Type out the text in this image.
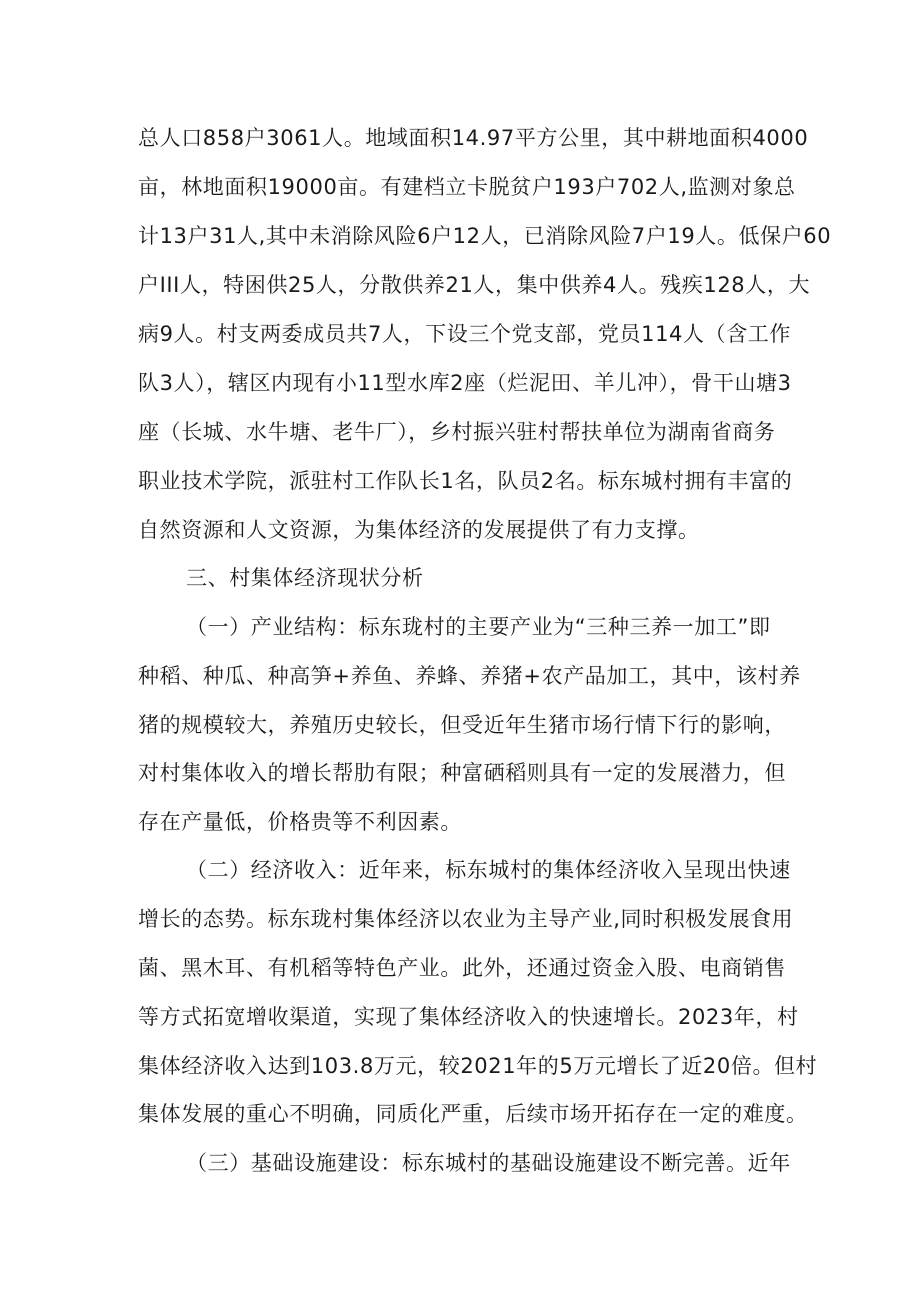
总人口858户3061人。地域面积14.97平方公里，其中耕地面积4000
亩，林地面积19000亩。有建档立卡脱贫户193户702人,监测对象总
计13户31人,其中未消除风险6户12人，已消除风险7户19人。低保户60
户III人，特困供25人，分散供养21人，集中供养4人。残疾128人，大
病9人。村支两委成员共7人，下设三个党支部，党员114人（含工作
队3人），辖区内现有小11型水库2座（烂泥田、羊儿冲），骨干山塘3
座（长城、水牛塘、老牛厂），乡村振兴驻村帮扶单位为湖南省商务
职业技术学院，派驻村工作队长1名，队员2名。标东城村拥有丰富的
自然资源和人文资源，为集体经济的发展提供了有力支撑。
三、村集体经济现状分析
（一）产业结构：标东珑村的主要产业为“三种三养一加工”即
种稻、种瓜、种高笋+养鱼、养蜂、养猪+农产品加工，其中，该村养
猪的规模较大，养殖历史较长，但受近年生猪市场行情下行的影响，
对村集体收入的增长帮肋有限；种富硒稻则具有一定的发展潜力，但
存在产量低，价格贵等不利因素。
（二）经济收入：近年来，标东城村的集体经济收入呈现出快速
增长的态势。标东珑村集体经济以农业为主导产业,同时积极发展食用
菌、黑木耳、有机稻等特色产业。此外，还通过资金入股、电商销售
等方式拓宽增收渠道，实现了集体经济收入的快速增长。2023年，村
集体经济收入达到103.8万元，较2021年的5万元增长了近20倍。但村
集体发展的重心不明确，同质化严重，后续市场开拓存在一定的难度。
（三）基础设施建设：标东城村的基础设施建设不断完善。近年
